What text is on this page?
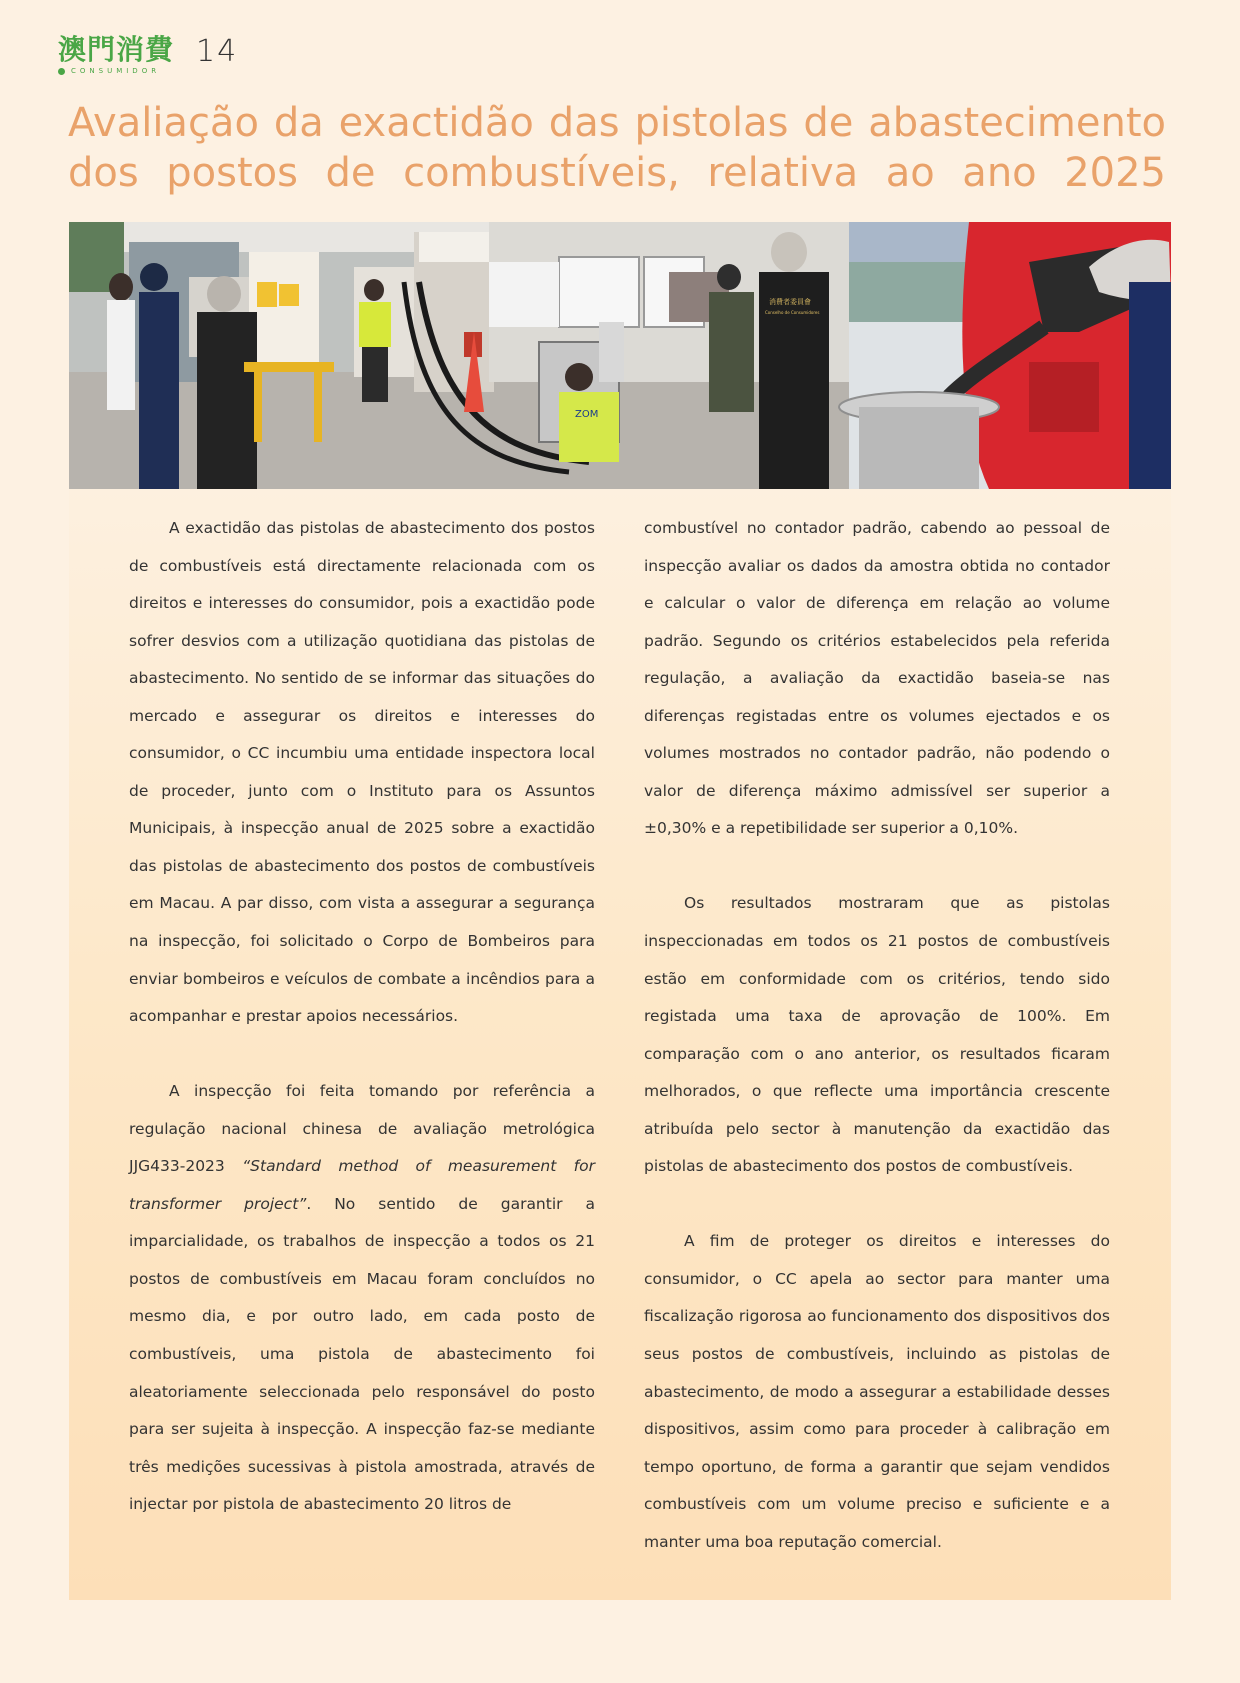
澳門消費
CONSUMIDOR
14
Avaliação da exactidão das pistolas de abastecimento
dos postos de combustíveis, relativa ao ano 2025
ZOM
消費者委員會
Conselho de Consumidores

A exactidão das pistolas de abastecimento dos postos de combustíveis está directamente relacionada com os direitos e interesses do consumidor, pois a exactidão pode sofrer desvios com a utilização quotidiana das pistolas de abastecimento. No sentido de se informar das situações do mercado e assegurar os direitos e interesses do consumidor, o CC incumbiu uma entidade inspectora local de proceder, junto com o Instituto para os Assuntos Municipais, à inspecção anual de 2025 sobre a exactidão das pistolas de abastecimento dos postos de combustíveis em Macau. A par disso, com vista a assegurar a segurança na inspecção, foi solicitado o Corpo de Bombeiros para enviar bombeiros e veículos de combate a incêndios para a acompanhar e prestar apoios necessários.

A inspecção foi feita tomando por referência a regulação nacional chinesa de avaliação metrológica JJG433-2023 “Standard method of measurement for transformer project”. No sentido de garantir a imparcialidade, os trabalhos de inspecção a todos os 21 postos de combustíveis em Macau foram concluídos no mesmo dia, e por outro lado, em cada posto de combustíveis, uma pistola de abastecimento foi aleatoriamente seleccionada pelo responsável do posto para ser sujeita à inspecção. A inspecção faz-se mediante três medições sucessivas à pistola amostrada, através de injectar por pistola de abastecimento 20 litros de

combustível no contador padrão, cabendo ao pessoal de inspecção avaliar os dados da amostra obtida no contador e calcular o valor de diferença em relação ao volume padrão. Segundo os critérios estabelecidos pela referida regulação, a avaliação da exactidão baseia-se nas diferenças registadas entre os volumes ejectados e os volumes mostrados no contador padrão, não podendo o valor de diferença máximo admissível ser superior a ±0,30% e a repetibilidade ser superior a 0,10%.

Os resultados mostraram que as pistolas inspeccionadas em todos os 21 postos de combustíveis estão em conformidade com os critérios, tendo sido registada uma taxa de aprovação de 100%. Em comparação com o ano anterior, os resultados ficaram melhorados, o que reflecte uma importância crescente atribuída pelo sector à manutenção da exactidão das pistolas de abastecimento dos postos de combustíveis.

A fim de proteger os direitos e interesses do consumidor, o CC apela ao sector para manter uma fiscalização rigorosa ao funcionamento dos dispositivos dos seus postos de combustíveis, incluindo as pistolas de abastecimento, de modo a assegurar a estabilidade desses dispositivos, assim como para proceder à calibração em tempo oportuno, de forma a garantir que sejam vendidos combustíveis com um volume preciso e suficiente e a manter uma boa reputação comercial.
